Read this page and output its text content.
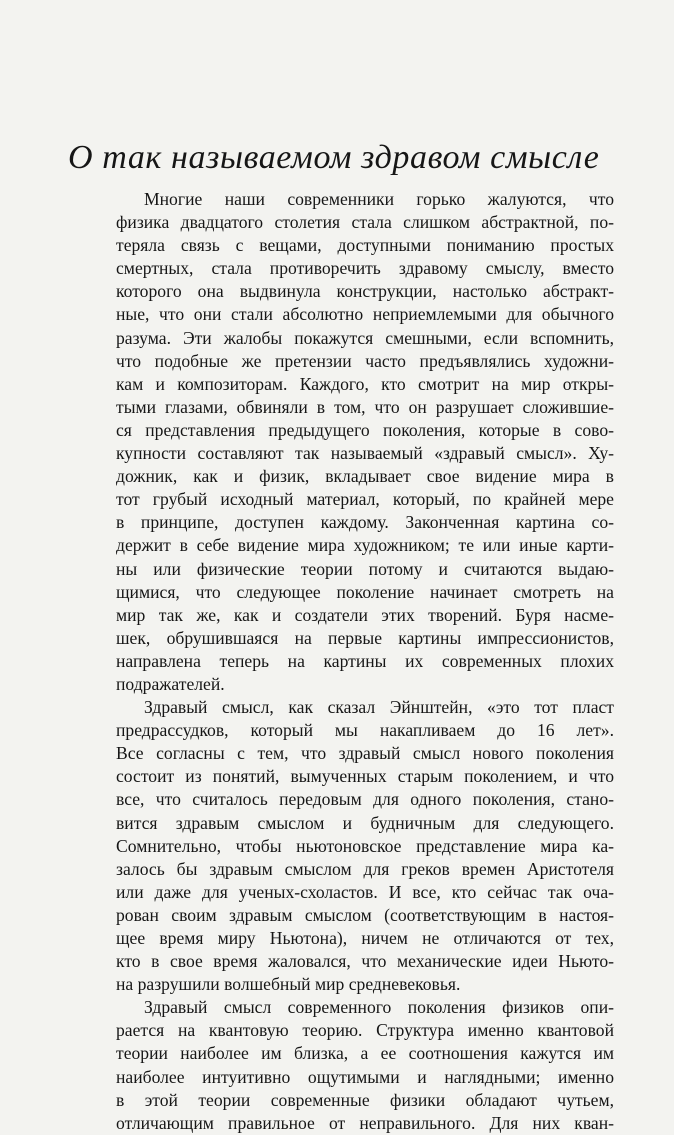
О так называемом здравом смысле
Многие наши современники горько жалуются, что
физика двадцатого столетия стала слишком абстрактной, по-
теряла связь с вещами, доступными пониманию простых
смертных, стала противоречить здравому смыслу, вместо
которого она выдвинула конструкции, настолько абстракт-
ные, что они стали абсолютно неприемлемыми для обычного
разума. Эти жалобы покажутся смешными, если вспомнить,
что подобные же претензии часто предъявлялись художни-
кам и композиторам. Каждого, кто смотрит на мир откры-
тыми глазами, обвиняли в том, что он разрушает сложившие-
ся представления предыдущего поколения, которые в сово-
купности составляют так называемый «здравый смысл». Ху-
дожник, как и физик, вкладывает свое видение мира в
тот грубый исходный материал, который, по крайней мере
в принципе, доступен каждому. Законченная картина со-
держит в себе видение мира художником; те или иные карти-
ны или физические теории потому и считаются выдаю-
щимися, что следующее поколение начинает смотреть на
мир так же, как и создатели этих творений. Буря насме-
шек, обрушившаяся на первые картины импрессионистов,
направлена теперь на картины их современных плохих
подражателей.
Здравый смысл, как сказал Эйнштейн, «это тот пласт
предрассудков, который мы накапливаем до 16 лет».
Все согласны с тем, что здравый смысл нового поколения
состоит из понятий, вымученных старым поколением, и что
все, что считалось передовым для одного поколения, стано-
вится здравым смыслом и будничным для следующего.
Сомнительно, чтобы ньютоновское представление мира ка-
залось бы здравым смыслом для греков времен Аристотеля
или даже для ученых-схоластов. И все, кто сейчас так оча-
рован своим здравым смыслом (соответствующим в настоя-
щее время миру Ньютона), ничем не отличаются от тех,
кто в свое время жаловался, что механические идеи Ньюто-
на разрушили волшебный мир средневековья.
Здравый смысл современного поколения физиков опи-
рается на квантовую теорию. Структура именно квантовой
теории наиболее им близка, а ее соотношения кажутся им
наиболее интуитивно ощутимыми и наглядными; именно
в этой теории современные физики обладают чутьем,
отличающим правильное от неправильного. Для них кван-
